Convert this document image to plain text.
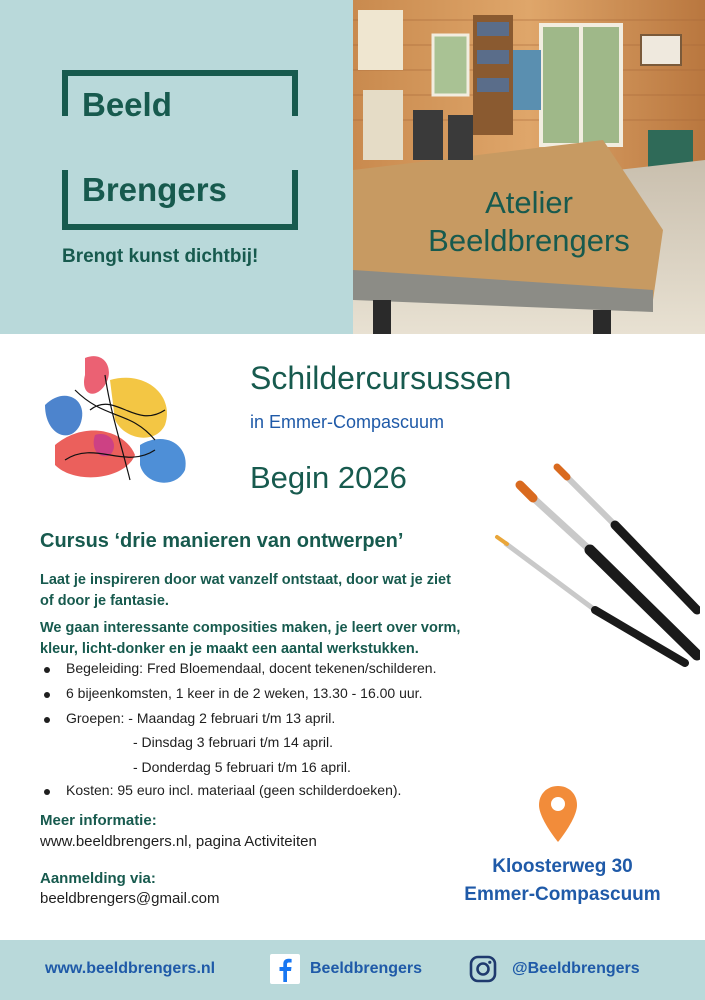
Beeld
Brengers
Brengt kunst dichtbij!
Atelier
Beeldbrengers
Schildercursussen
in Emmer-Compascuum
Begin 2026
Cursus ‘drie manieren van ontwerpen’
Laat je inspireren door wat vanzelf ontstaat, door wat je ziet
of door je fantasie.
We gaan interessante composities maken, je leert over vorm,
kleur, licht-donker en je maakt een aantal werkstukken.
Begeleiding: Fred Bloemendaal, docent tekenen/schilderen.
6 bijeenkomsten, 1 keer in de 2 weken, 13.30 - 16.00 uur.
Groepen: - Maandag 2 februari t/m 13 april.
- Dinsdag 3 februari t/m 14 april.
- Donderdag 5 februari t/m 16 april.
Kosten: 95 euro incl. materiaal (geen schilderdoeken).
Meer informatie:
www.beeldbrengers.nl, pagina Activiteiten
Aanmelding via:
beeldbrengers@gmail.com
Kloosterweg 30
Emmer-Compascuum
www.beeldbrengers.nl	Beeldbrengers	@Beeldbrengers
